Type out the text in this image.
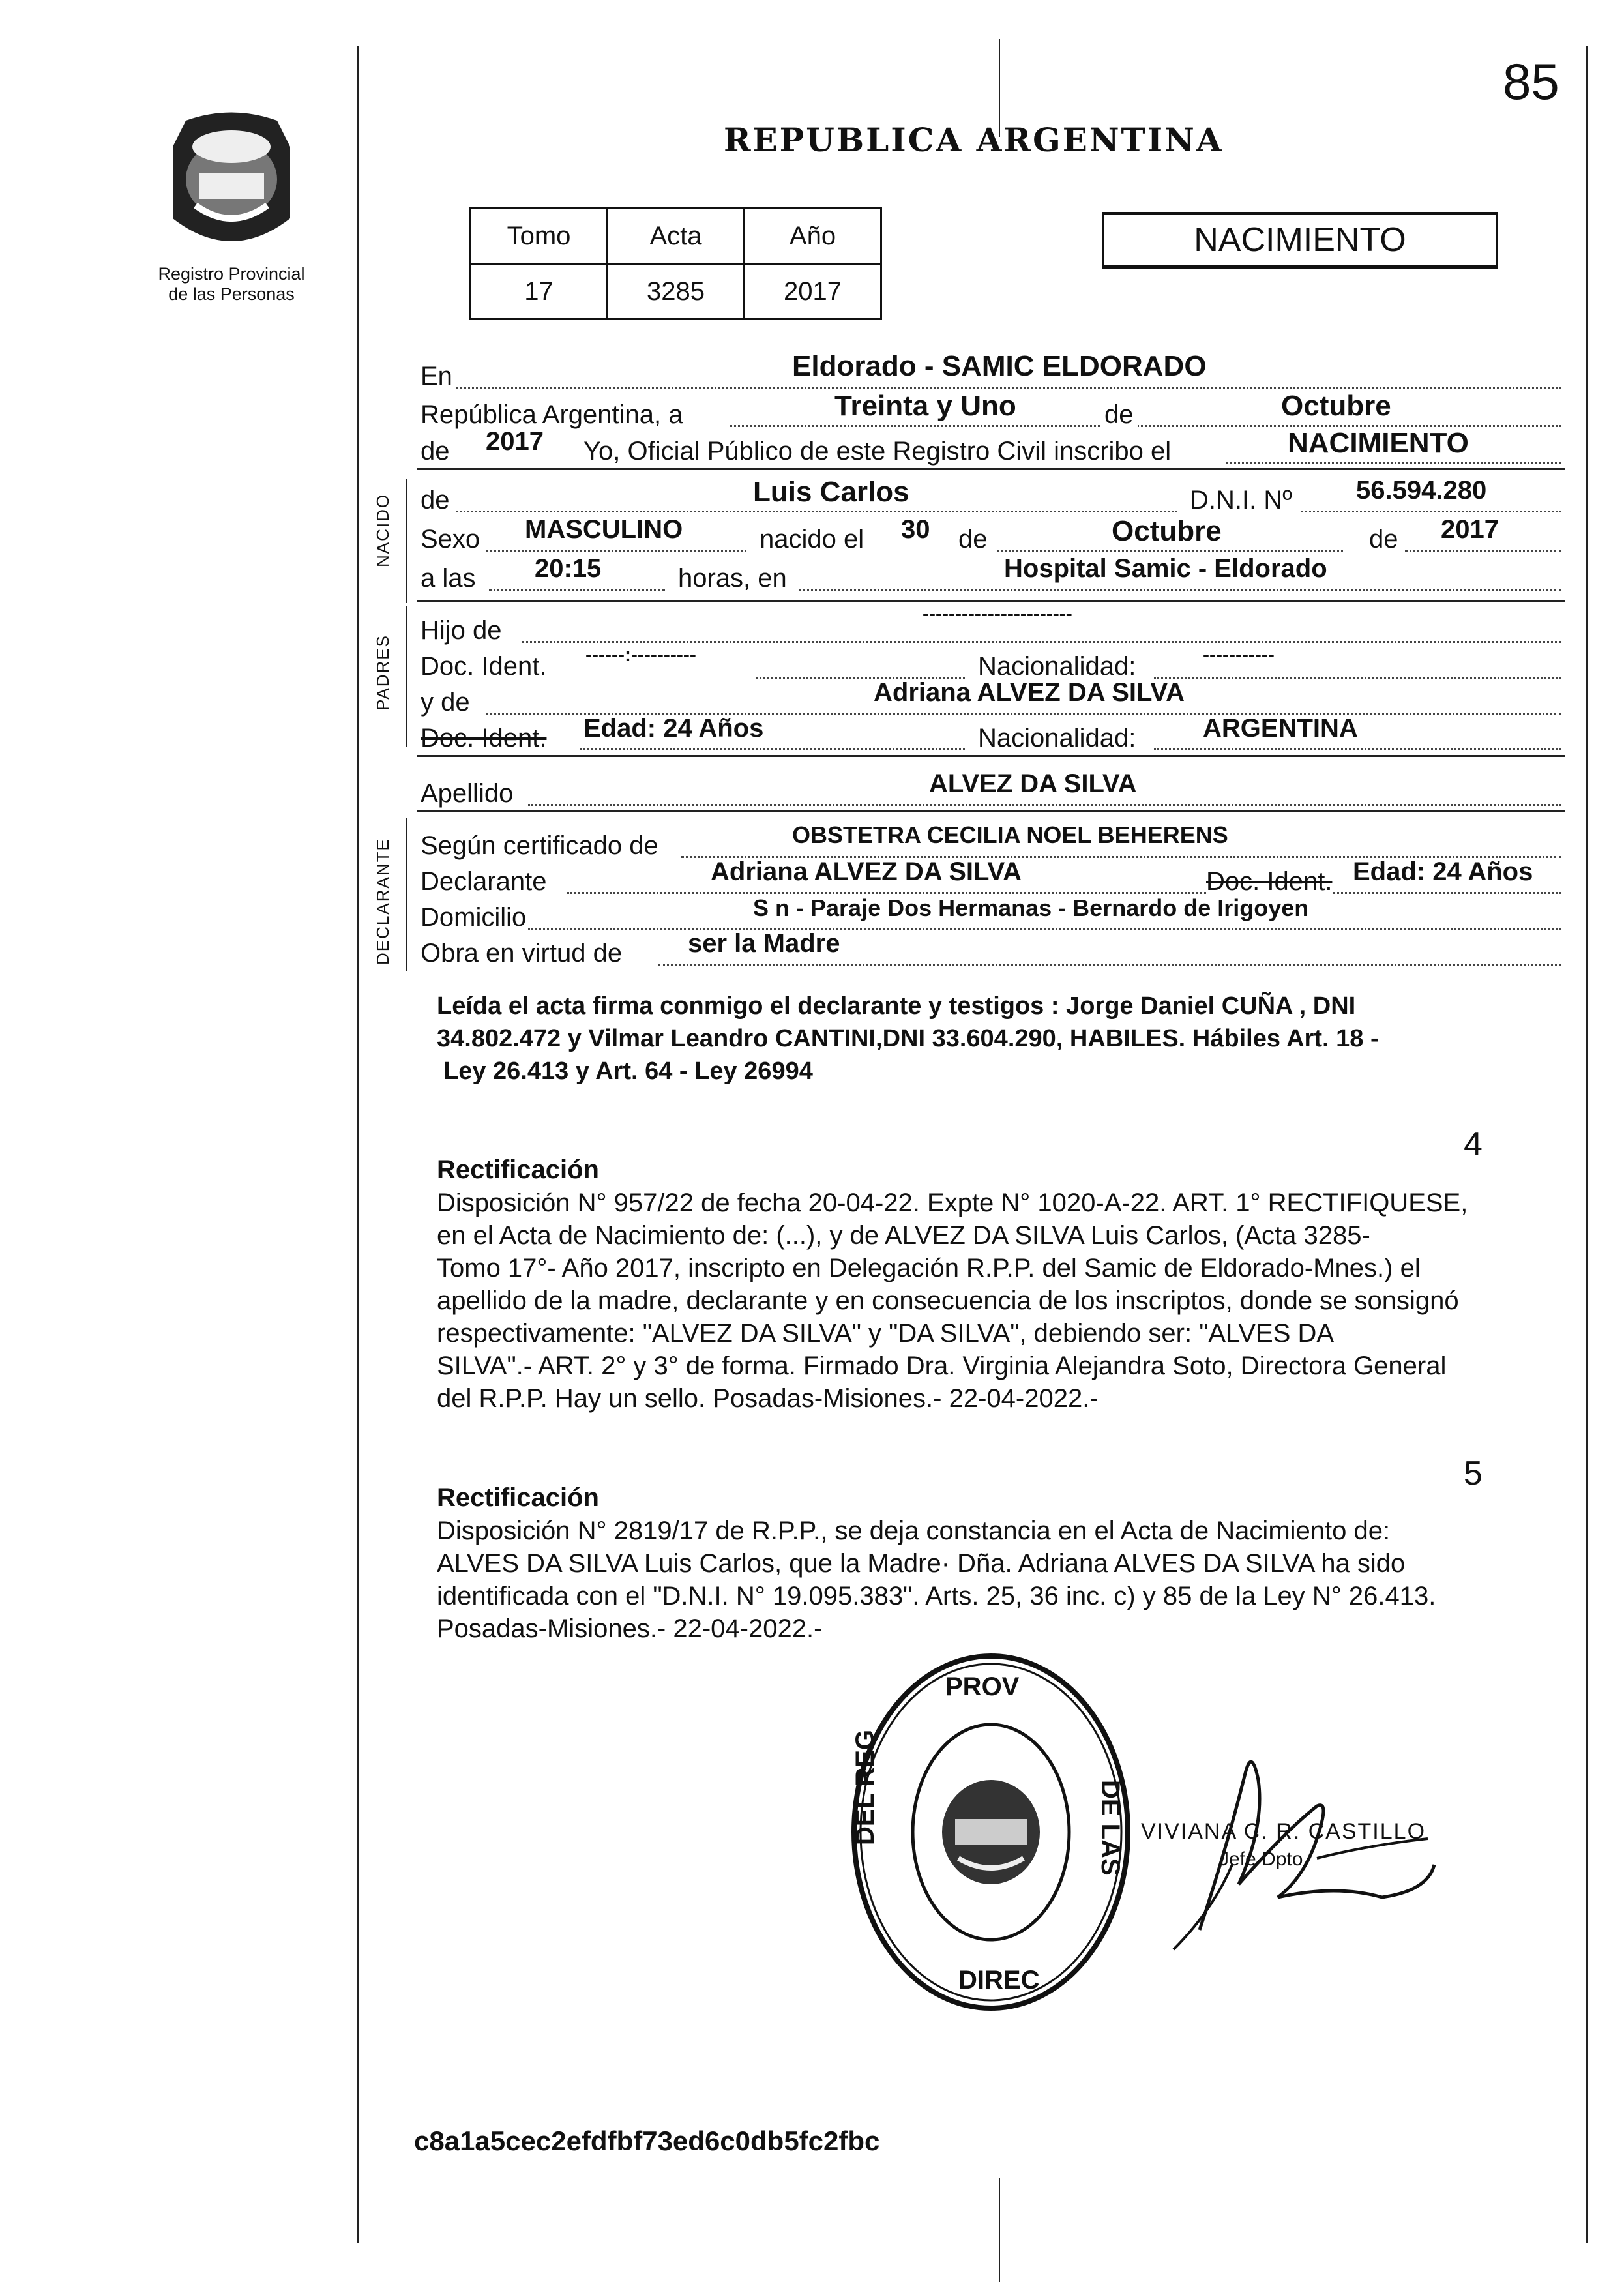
85
Registro Provincial
de las Personas
REPUBLICA ARGENTINA
Tomo	Acta	Año
17	3285	2017
NACIMIENTO
En	Eldorado - SAMIC ELDORADO
República Argentina, a	Treinta y Uno	de	Octubre
de 2017 Yo, Oficial Público de este Registro Civil inscribo el	NACIMIENTO
NACIDO de	Luis Carlos	D.N.I. Nº 56.594.280
Sexo MASCULINO	nacido el 30 de	Octubre	de 2017
a las 20:15	horas, en	Hospital Samic - Eldorado
PADRES
Hijo de
-----------------------
Doc. Ident. ------:----------	Nacionalidad:	-----------
y de	Adriana ALVEZ DA SILVA
Doc. Ident. Edad: 24 Años	Nacionalidad:	ARGENTINA
Apellido	ALVEZ DA SILVA
DECLARANTE Según certificado de	OBSTETRA CECILIA NOEL BEHERENS
Declarante	Adriana ALVEZ DA SILVA	Doc. Ident. Edad: 24 Años
Domicilio	S n - Paraje Dos Hermanas - Bernardo de Irigoyen
Obra en virtud de	ser la Madre
Leída el acta firma conmigo el declarante y testigos : Jorge Daniel CUÑA , DNI
34.802.472 y Vilmar Leandro CANTINI,DNI 33.604.290, HABILES. Hábiles Art. 18 -
Ley 26.413 y Art. 64 - Ley 26994
4
Rectificación
Disposición N° 957/22 de fecha 20-04-22. Expte N° 1020-A-22. ART. 1° RECTIFIQUESE,
en el Acta de Nacimiento de: (...), y de ALVEZ DA SILVA Luis Carlos, (Acta 3285-
Tomo 17°- Año 2017, inscripto en Delegación R.P.P. del Samic de Eldorado-Mnes.) el
apellido de la madre, declarante y en consecuencia de los inscriptos, donde se sonsignó
respectivamente: "ALVEZ DA SILVA" y "DA SILVA", debiendo ser: "ALVES DA
SILVA".- ART. 2° y 3° de forma. Firmado Dra. Virginia Alejandra Soto, Directora General
del R.P.P. Hay un sello. Posadas-Misiones.- 22-04-2022.-
5
Rectificación
Disposición N° 2819/17 de R.P.P., se deja constancia en el Acta de Nacimiento de:
ALVES DA SILVA Luis Carlos, que la Madre· Dña. Adriana ALVES DA SILVA ha sido
identificada con el "D.N.I. N° 19.095.383". Arts. 25, 36 inc. c) y 85 de la Ley N° 26.413.
Posadas-Misiones.- 22-04-2022.-
PROV
DEL REG	DE LAS
DIREC
VIVIANA C. R. CASTILLO
Jefe Dpto.
c8a1a5cec2efdfbf73ed6c0db5fc2fbc
